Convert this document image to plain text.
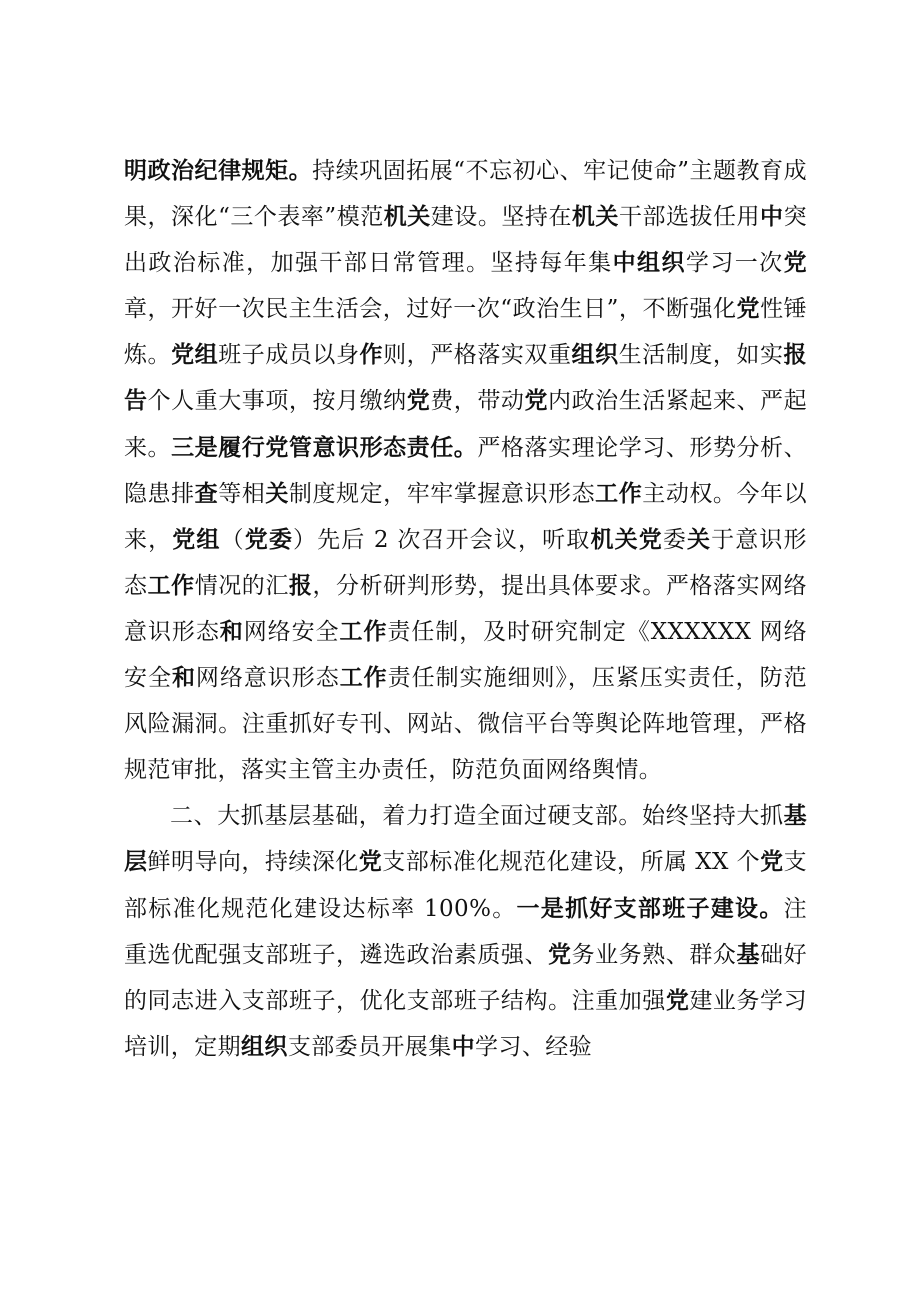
明政治纪律规矩。持续巩固拓展“不忘初心、牢记使命”主题教育成果，深化“三个表率”模范机关建设。坚持在机关干部选拔任用中突出政治标准，加强干部日常管理。坚持每年集中组织学习一次党章，开好一次民主生活会，过好一次“政治生日”，不断强化党性锤炼。党组班子成员以身作则，严格落实双重组织生活制度，如实报告个人重大事项，按月缴纳党费，带动党内政治生活紧起来、严起来。三是履行党管意识形态责任。严格落实理论学习、形势分析、隐患排查等相关制度规定，牢牢掌握意识形态工作主动权。今年以来，党组（党委）先后 2 次召开会议，听取机关党委关于意识形态工作情况的汇报，分析研判形势，提出具体要求。严格落实网络意识形态和网络安全工作责任制，及时研究制定《XXXXXX 网络安全和网络意识形态工作责任制实施细则》，压紧压实责任，防范风险漏洞。注重抓好专刊、网站、微信平台等舆论阵地管理，严格规范审批，落实主管主办责任，防范负面网络舆情。

二、大抓基层基础，着力打造全面过硬支部。始终坚持大抓基层鲜明导向，持续深化党支部标准化规范化建设，所属 XX 个党支部标准化规范化建设达标率 100%。一是抓好支部班子建设。注重选优配强支部班子，遴选政治素质强、党务业务熟、群众基础好的同志进入支部班子，优化支部班子结构。注重加强党建业务学习培训，定期组织支部委员开展集中学习、经验
